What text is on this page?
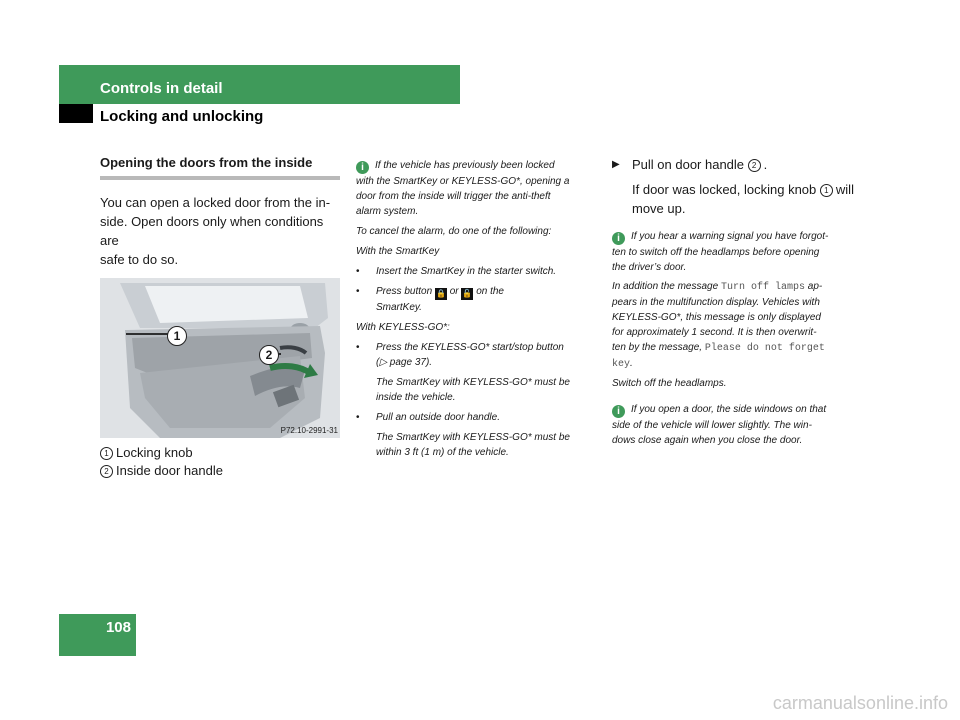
Controls in detail
Locking and unlocking

Opening the doors from the inside

You can open a locked door from the in-
side. Open doors only when conditions are
safe to do so.
1
2
P72.10-2991-31
1 Locking knob
2 Inside door handle

i If the vehicle has previously been locked
with the SmartKey or KEYLESS-GO*, opening a
door from the inside will trigger the anti-theft
alarm system.

To cancel the alarm, do one of the following:

With the SmartKey

• Insert the SmartKey in the starter switch.

• Press button 🔒 or 🔓 on the
SmartKey.

With KEYLESS-GO*:

• Press the KEYLESS-GO* start/stop button
(▷ page 37).

The SmartKey with KEYLESS-GO* must be
inside the vehicle.

• Pull an outside door handle.

The SmartKey with KEYLESS-GO* must be
within 3 ft (1 m) of the vehicle.

▶ Pull on door handle 2 .
If door was locked, locking knob 1 will
move up.

i If you hear a warning signal you have forgot-
ten to switch off the headlamps before opening
the driver’s door.

In addition the message Turn off lamps ap-
pears in the multifunction display. Vehicles with
KEYLESS-GO*, this message is only displayed
for approximately 1 second. It is then overwrit-
ten by the message, Please do not forget
key.

Switch off the headlamps.

i If you open a door, the side windows on that
side of the vehicle will lower slightly. The win-
dows close again when you close the door.

108
carmanualsonline.info
